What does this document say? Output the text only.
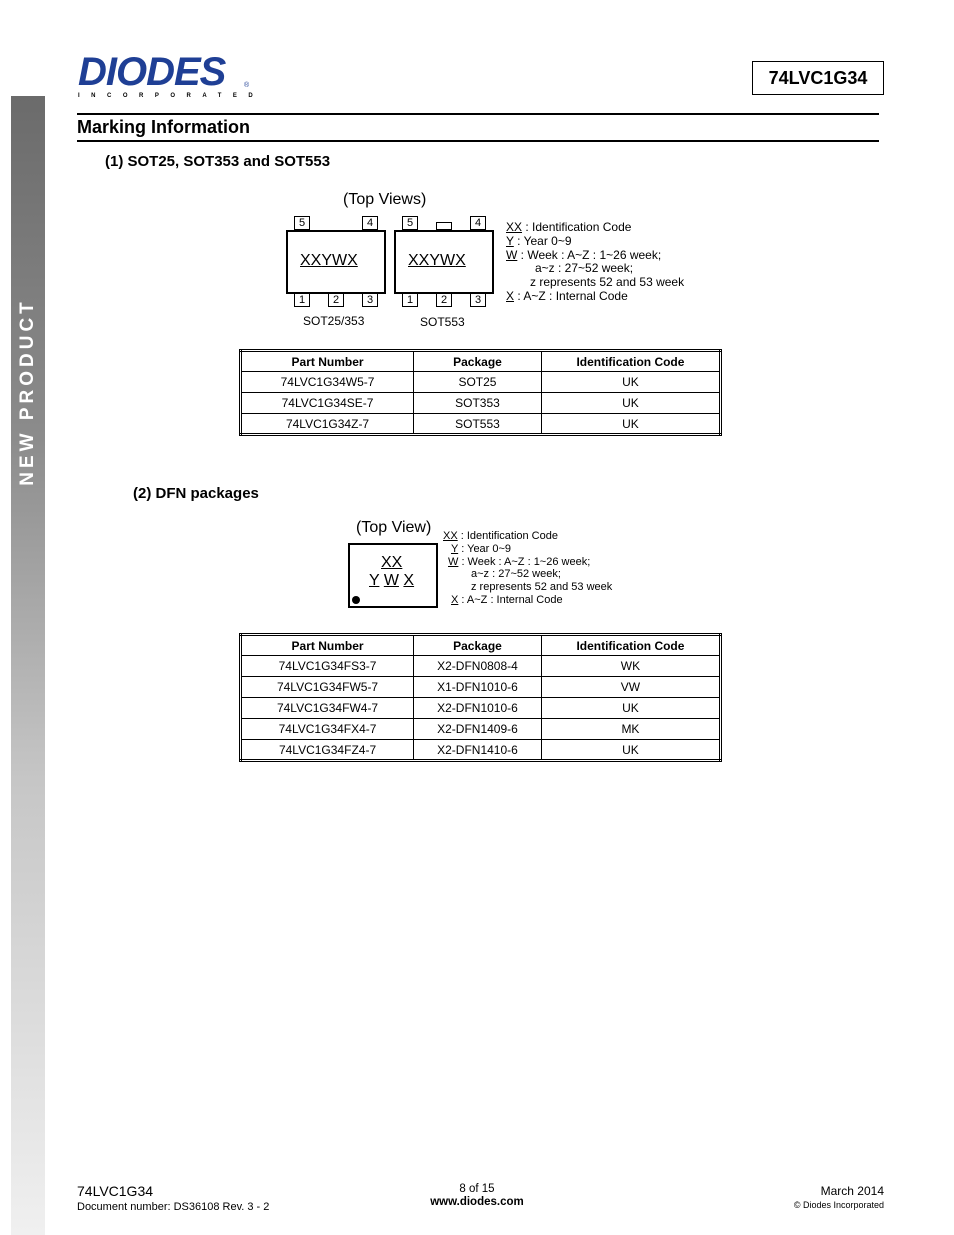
NEW PRODUCT
DIODES
INCORPORATED
®	74LVC1G34
Marking Information
(1) SOT25, SOT353 and SOT553
(Top Views)
5	4
XXYWX
1	2	3
SOT25/353
5	4
XXYWX
1	2	3
SOT553
XX : Identification Code
Y : Year 0~9
W : Week : A~Z : 1~26 week;
a~z : 27~52 week;
z represents 52 and 53 week
X : A~Z : Internal Code
Part Number	Package	Identification Code
74LVC1G34W5-7	SOT25	UK
74LVC1G34SE-7	SOT353	UK
74LVC1G34Z-7	SOT553	UK
(2) DFN packages
(Top View)
XX
Y W X
XX : Identification Code
Y : Year 0~9
W : Week : A~Z : 1~26 week;
a~z : 27~52 week;
z represents 52 and 53 week
X : A~Z : Internal Code
Part Number	Package	Identification Code
74LVC1G34FS3-7	X2-DFN0808-4	WK
74LVC1G34FW5-7	X1-DFN1010-6	VW
74LVC1G34FW4-7	X2-DFN1010-6	UK
74LVC1G34FX4-7	X2-DFN1409-6	MK
74LVC1G34FZ4-7	X2-DFN1410-6	UK
74LVC1G34
Document number: DS36108 Rev. 3 - 2
8 of 15
www.diodes.com
March 2014
© Diodes Incorporated
